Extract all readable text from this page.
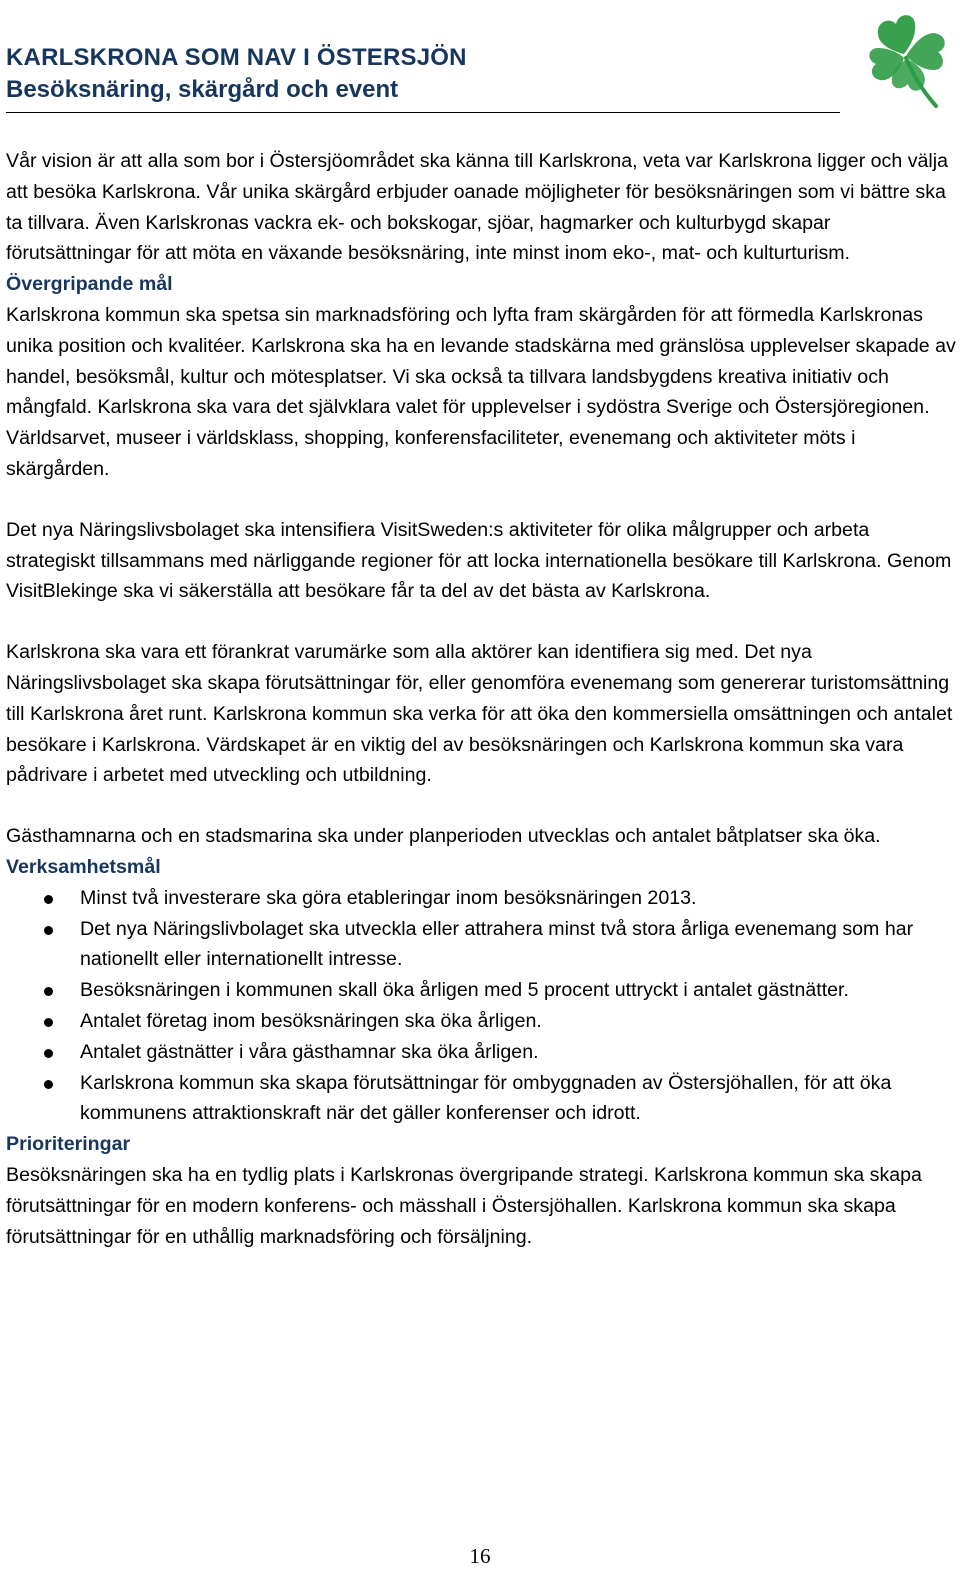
KARLSKRONA SOM NAV I ÖSTERSJÖN
Besöksnäring, skärgård och event

Vår vision är att alla som bor i Östersjöområdet ska känna till Karlskrona, veta var Karlskrona ligger och välja att besöka Karlskrona. Vår unika skärgård erbjuder oanade möjligheter för besöksnäringen som vi bättre ska ta tillvara. Även Karlskronas vackra ek- och bokskogar, sjöar, hagmarker och kulturbygd skapar förutsättningar för att möta en växande besöksnäring, inte minst inom eko-, mat- och kulturturism.

Övergripande mål

Karlskrona kommun ska spetsa sin marknadsföring och lyfta fram skärgården för att förmedla Karlskronas unika position och kvalitéer. Karlskrona ska ha en levande stadskärna med gränslösa upplevelser skapade av handel, besöksmål, kultur och mötesplatser. Vi ska också ta tillvara landsbygdens kreativa initiativ och mångfald. Karlskrona ska vara det självklara valet för upplevelser i sydöstra Sverige och Östersjöregionen. Världsarvet, museer i världsklass, shopping, konferensfaciliteter, evenemang och aktiviteter möts i skärgården.

Det nya Näringslivsbolaget ska intensifiera VisitSweden:s aktiviteter för olika målgrupper och arbeta strategiskt tillsammans med närliggande regioner för att locka internationella besökare till Karlskrona. Genom VisitBlekinge ska vi säkerställa att besökare får ta del av det bästa av Karlskrona.

Karlskrona ska vara ett förankrat varumärke som alla aktörer kan identifiera sig med. Det nya Näringslivsbolaget ska skapa förutsättningar för, eller genomföra evenemang som genererar turistomsättning till Karlskrona året runt. Karlskrona kommun ska verka för att öka den kommersiella omsättningen och antalet besökare i Karlskrona. Värdskapet är en viktig del av besöksnäringen och Karlskrona kommun ska vara pådrivare i arbetet med utveckling och utbildning.

Gästhamnarna och en stadsmarina ska under planperioden utvecklas och antalet båtplatser ska öka.

Verksamhetsmål

Minst två investerare ska göra etableringar inom besöksnäringen 2013.
Det nya Näringslivbolaget ska utveckla eller attrahera minst två stora årliga evenemang som har nationellt eller internationellt intresse.
Besöksnäringen i kommunen skall öka årligen med 5 procent uttryckt i antalet gästnätter.
Antalet företag inom besöksnäringen ska öka årligen.
Antalet gästnätter i våra gästhamnar ska öka årligen.
Karlskrona kommun ska skapa förutsättningar för ombyggnaden av Östersjöhallen, för att öka kommunens attraktionskraft när det gäller konferenser och idrott.

Prioriteringar

Besöksnäringen ska ha en tydlig plats i Karlskronas övergripande strategi. Karlskrona kommun ska skapa förutsättningar för en modern konferens- och mässhall i Östersjöhallen. Karlskrona kommun ska skapa förutsättningar för en uthållig marknadsföring och försäljning.

16
